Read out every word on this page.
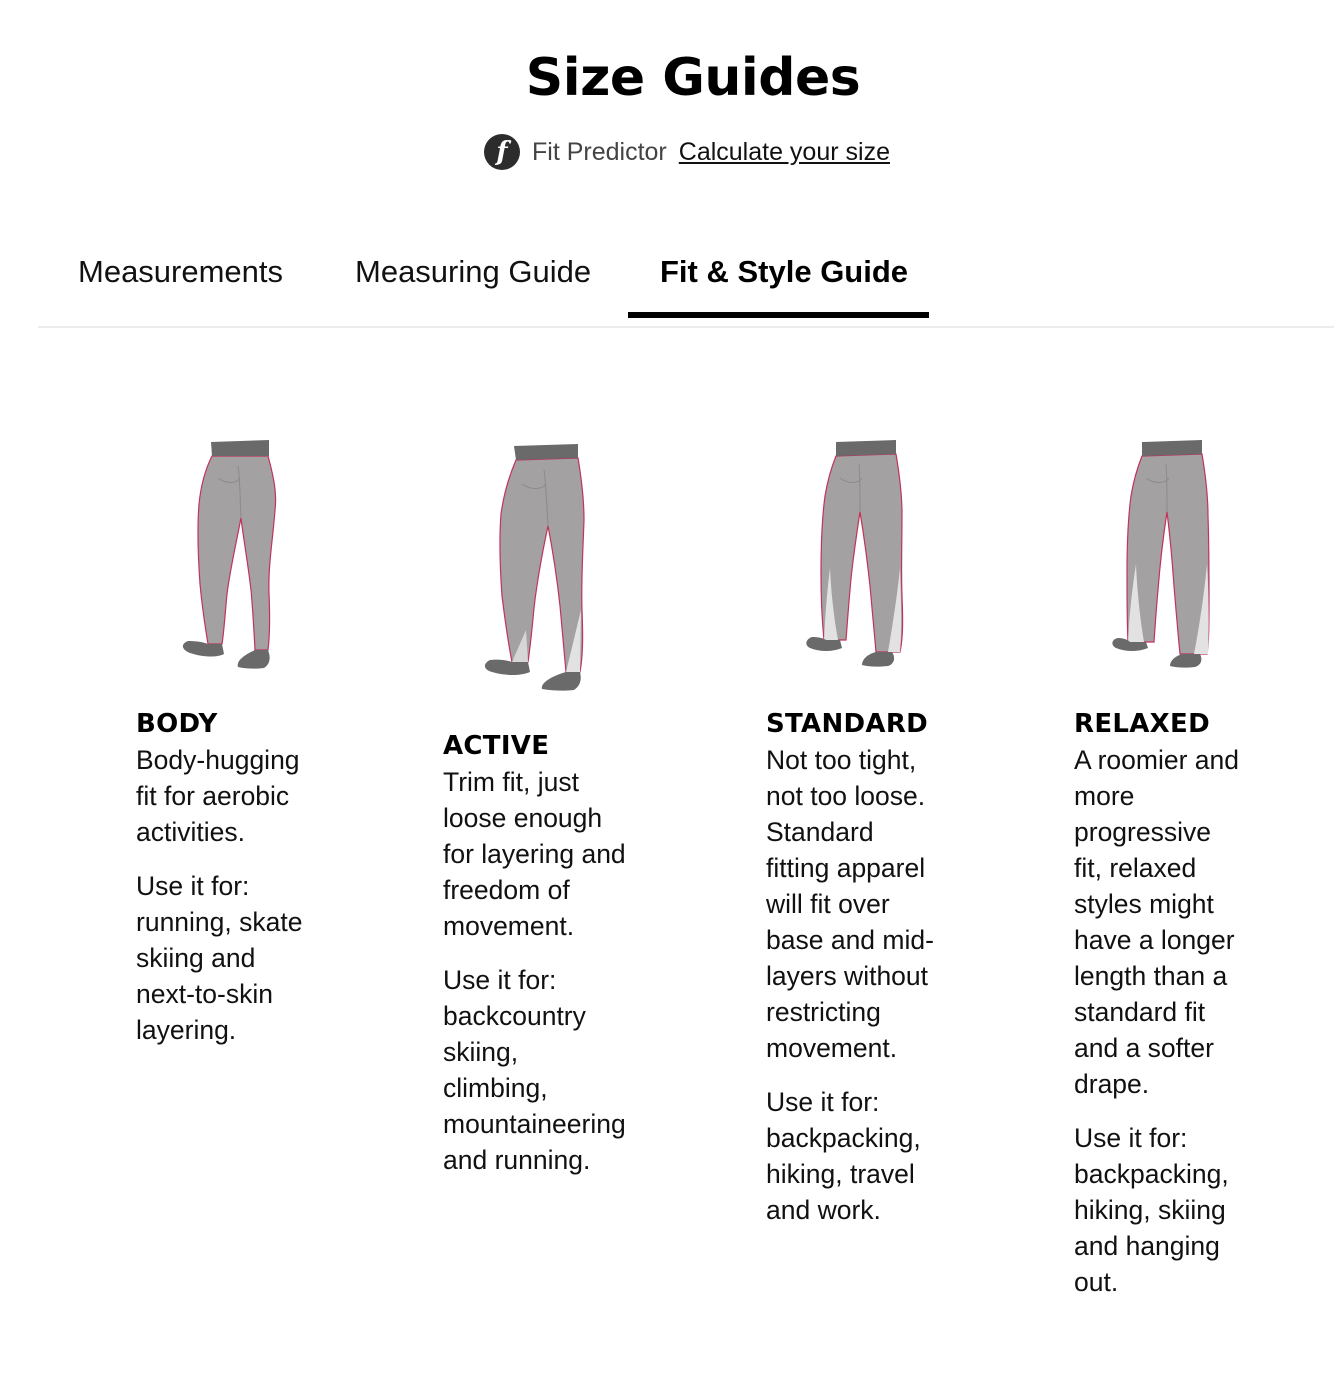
Size Guides
f Fit Predictor Calculate your size
Measurements Measuring Guide Fit & Style Guide
BODY

Body-hugging
fit for aerobic
activities.

Use it for:
running, skate
skiing and
next-to-skin
layering.

ACTIVE

Trim fit, just
loose enough
for layering and
freedom of
movement.

Use it for:
backcountry
skiing,
climbing,
mountaineering
and running.

STANDARD

Not too tight,
not too loose.
Standard
fitting apparel
will fit over
base and mid-
layers without
restricting
movement.

Use it for:
backpacking,
hiking, travel
and work.

RELAXED

A roomier and
more
progressive
fit, relaxed
styles might
have a longer
length than a
standard fit
and a softer
drape.

Use it for:
backpacking,
hiking, skiing
and hanging
out.
